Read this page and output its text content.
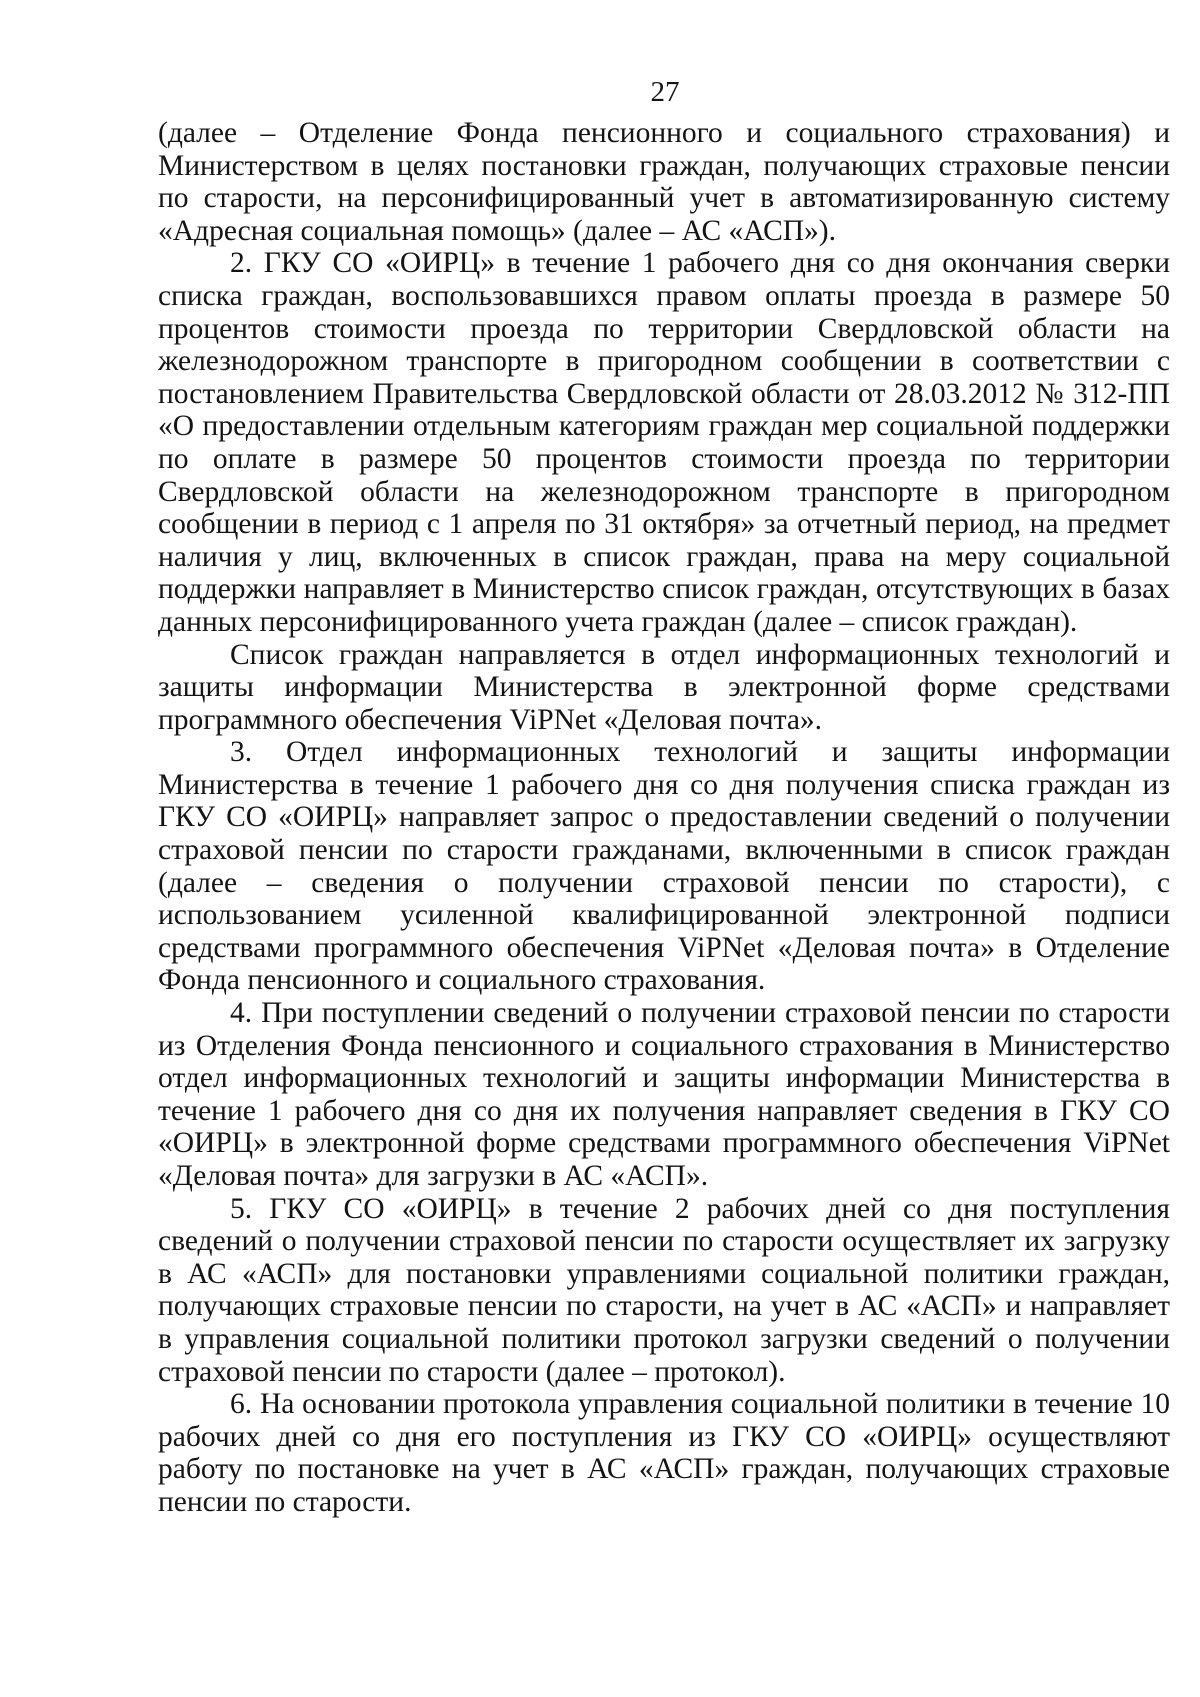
27

(далее – Отделение Фонда пенсионного и социального страхования) и Министерством в целях постановки граждан, получающих страховые пенсии по старости, на персонифицированный учет в автоматизированную систему «Адресная социальная помощь» (далее – АС «АСП»).

2. ГКУ СО «ОИРЦ» в течение 1 рабочего дня со дня окончания сверки списка граждан, воспользовавшихся правом оплаты проезда в размере 50 процентов стоимости проезда по территории Свердловской области на железнодорожном транспорте в пригородном сообщении в соответствии с постановлением Правительства Свердловской области от 28.03.2012 № 312-ПП «О предоставлении отдельным категориям граждан мер социальной поддержки по оплате в размере 50 процентов стоимости проезда по территории Свердловской области на железнодорожном транспорте в пригородном сообщении в период с 1 апреля по 31 октября» за отчетный период, на предмет наличия у лиц, включенных в список граждан, права на меру социальной поддержки направляет в Министерство список граждан, отсутствующих в базах данных персонифицированного учета граждан (далее – список граждан).

Список граждан направляется в отдел информационных технологий и защиты информации Министерства в электронной форме средствами программного обеспечения ViPNet «Деловая почта».

3. Отдел информационных технологий и защиты информации Министерства в течение 1 рабочего дня со дня получения списка граждан из ГКУ СО «ОИРЦ» направляет запрос о предоставлении сведений о получении страховой пенсии по старости гражданами, включенными в список граждан (далее – сведения о получении страховой пенсии по старости), с использованием усиленной квалифицированной электронной подписи средствами программного обеспечения ViPNet «Деловая почта» в Отделение Фонда пенсионного и социального страхования.

4. При поступлении сведений о получении страховой пенсии по старости из Отделения Фонда пенсионного и социального страхования в Министерство отдел информационных технологий и защиты информации Министерства в течение 1 рабочего дня со дня их получения направляет сведения в ГКУ СО «ОИРЦ» в электронной форме средствами программного обеспечения ViPNet «Деловая почта» для загрузки в АС «АСП».

5. ГКУ СО «ОИРЦ» в течение 2 рабочих дней со дня поступления сведений о получении страховой пенсии по старости осуществляет их загрузку в АС «АСП» для постановки управлениями социальной политики граждан, получающих страховые пенсии по старости, на учет в АС «АСП» и направляет в управления социальной политики протокол загрузки сведений о получении страховой пенсии по старости (далее – протокол).

6. На основании протокола управления социальной политики в течение 10 рабочих дней со дня его поступления из ГКУ СО «ОИРЦ» осуществляют работу по постановке на учет в АС «АСП» граждан, получающих страховые пенсии по старости.
